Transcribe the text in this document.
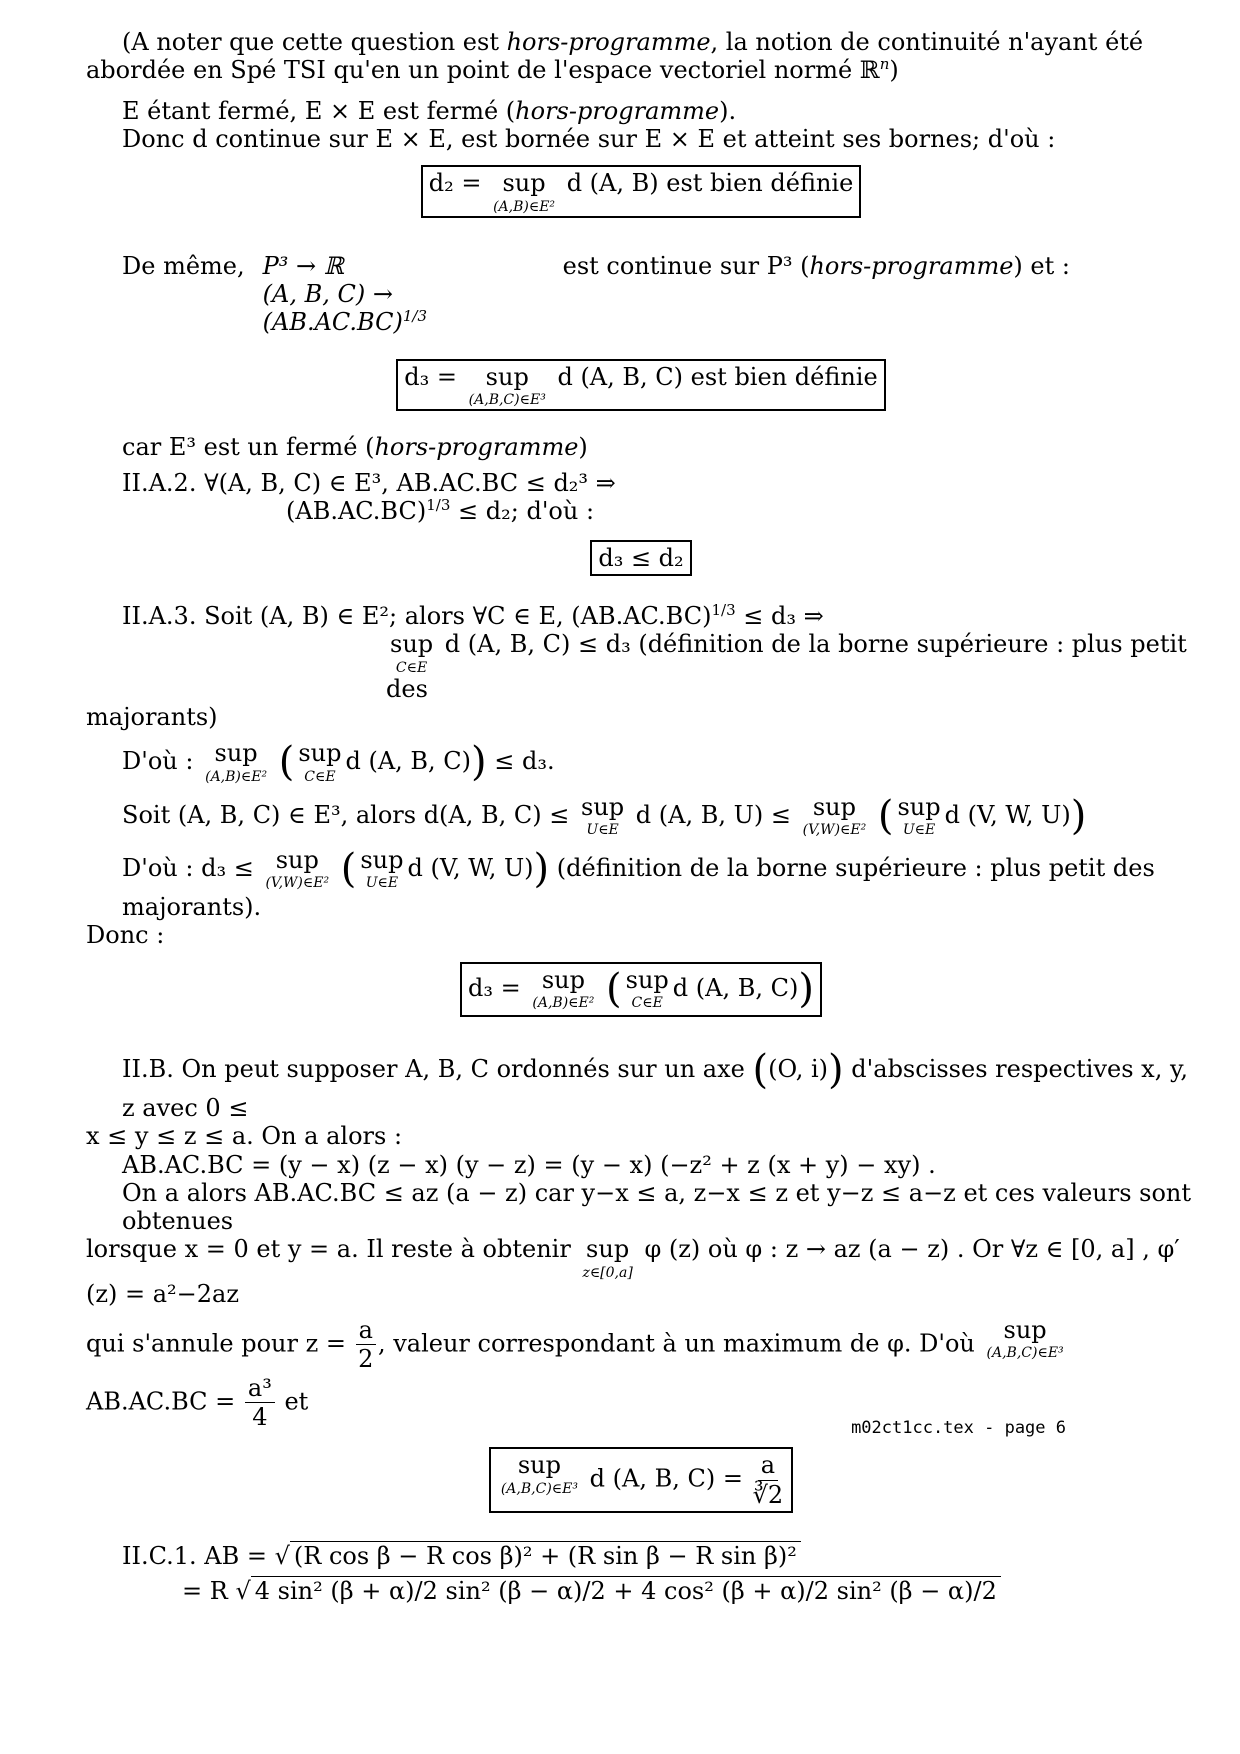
(A noter que cette question est hors-programme, la notion de continuité n'ayant été abordée en Spé TSI qu'en un point de l'espace vectoriel normé ℝ$^n$)

E étant fermé, E × E est fermé (hors-programme).

Donc d continue sur E × E, est bornée sur E × E et atteint ses bornes; d'où :

d₂ = sup
(A,B)∈E²
d (A, B) est bien définie
De même, P³ → ℝ
(A, B, $C) \to (AB.AC.BC)^{1/3}$
est continue sur P³ (hors-programme) et :
d₃ = sup
(A,B,C)∈E³
d (A, B, C) est bien définie

car E³ est un fermé (hors-programme)

II.A.2. ∀(A, B, C) ∈ E³, AB.AC.BC ≤ d₂³ ⇒

$(AB.AC.BC)^{1/3} \le d_2$; d'où :

d₃ ≤ d₂

II.A.3. Soit (A, B) ∈ E²; alors ∀C ∈ E, $(AB.AC.BC)^{1/3} \le d_3$ ⇒

sup
C∈E
d (A, B, C) ≤ d₃ (définition de la borne supérieure : plus petit des

majorants)

D'où : sup
(A,B)∈E² ( sup
C∈E
d (A, B, C)) ≤ d₃.

Soit (A, B, C) ∈ E³, alors d(A, B, C) ≤ sup
U∈E
d (A, B, U) ≤ sup
(V,W)∈E² ( sup
U∈E
d (V, W, U))

D'où : d₃ ≤ sup
(V,W)∈E² ( sup
U∈E
d (V, W, U)) (définition de la borne supérieure : plus petit des majorants).

Donc :

d₃ = sup
(A,B)∈E² ( sup
C∈E
d (A, B, C))

II.B. On peut supposer A, B, C ordonnés sur un axe ((O, i)) d'abscisses respectives x, y, z avec 0 ≤

x ≤ y ≤ z ≤ a. On a alors :

AB.AC.BC = (y − x) (z − x) (y − z) = (y − x) (−z² + z (x + y) − xy) .

On a alors AB.AC.BC ≤ az (a − z) car y−x ≤ a, z−x ≤ z et y−z ≤ a−z et ces valeurs sont obtenues

lorsque x = 0 et y = a. Il reste à obtenir sup
z∈[0,a]
φ (z) où φ : z → az (a − z) . Or ∀z ∈ [0, a] , φ′ (z) = a²−2az

qui s'annule pour $z = \frac{a}{2}$ , valeur correspondant à un maximum de φ. D'où sup
(A,B,C)∈E³
$AB.AC.BC = \frac{\text{a³}}{4}$ et

sup
(A,B,C)∈E³ d (A, B, $C) = \frac{a}{∛2}$

II.C.1. AB = √ (R cos β − R cos β)² + (R sin β − R sin β)²

= R √ 4 sin² (β + α)/2 sin² (β − α)/2 + 4 cos² (β + α)/2 sin² (β − α)/2

m02ct1cc.tex - page 6
